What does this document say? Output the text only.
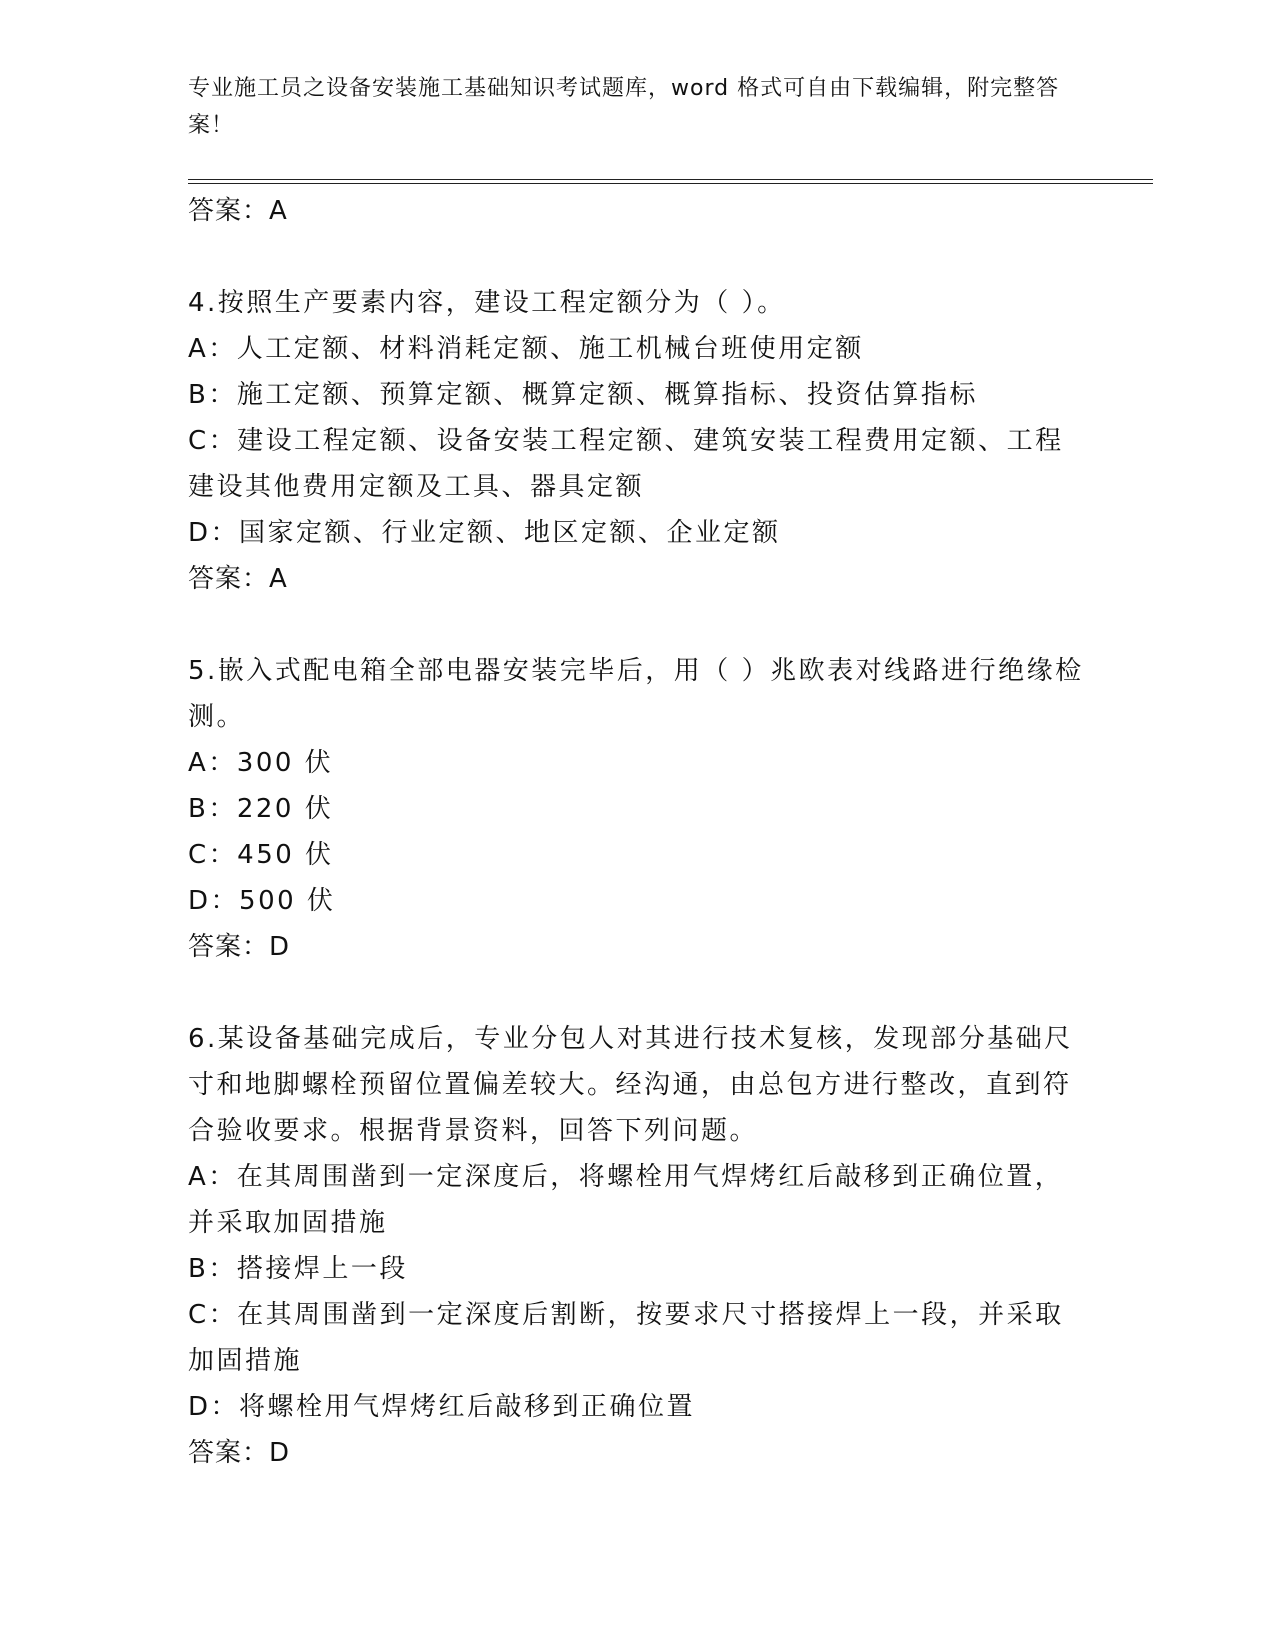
专业施工员之设备安装施工基础知识考试题库，word 格式可自由下载编辑，附完整答案！
答案：A
4.按照生产要素内容，建设工程定额分为（ ）。
A：人工定额、材料消耗定额、施工机械台班使用定额
B：施工定额、预算定额、概算定额、概算指标、投资估算指标
C：建设工程定额、设备安装工程定额、建筑安装工程费用定额、工程建设其他费用定额及工具、器具定额
D：国家定额、行业定额、地区定额、企业定额
答案：A
5.嵌入式配电箱全部电器安装完毕后，用（ ）兆欧表对线路进行绝缘检测。
A：300 伏
B：220 伏
C：450 伏
D：500 伏
答案：D
6.某设备基础完成后，专业分包人对其进行技术复核，发现部分基础尺寸和地脚螺栓预留位置偏差较大。经沟通，由总包方进行整改，直到符合验收要求。根据背景资料，回答下列问题。
A：在其周围凿到一定深度后，将螺栓用气焊烤红后敲移到正确位置，并采取加固措施
B：搭接焊上一段
C：在其周围凿到一定深度后割断，按要求尺寸搭接焊上一段，并采取加固措施
D：将螺栓用气焊烤红后敲移到正确位置
答案：D
